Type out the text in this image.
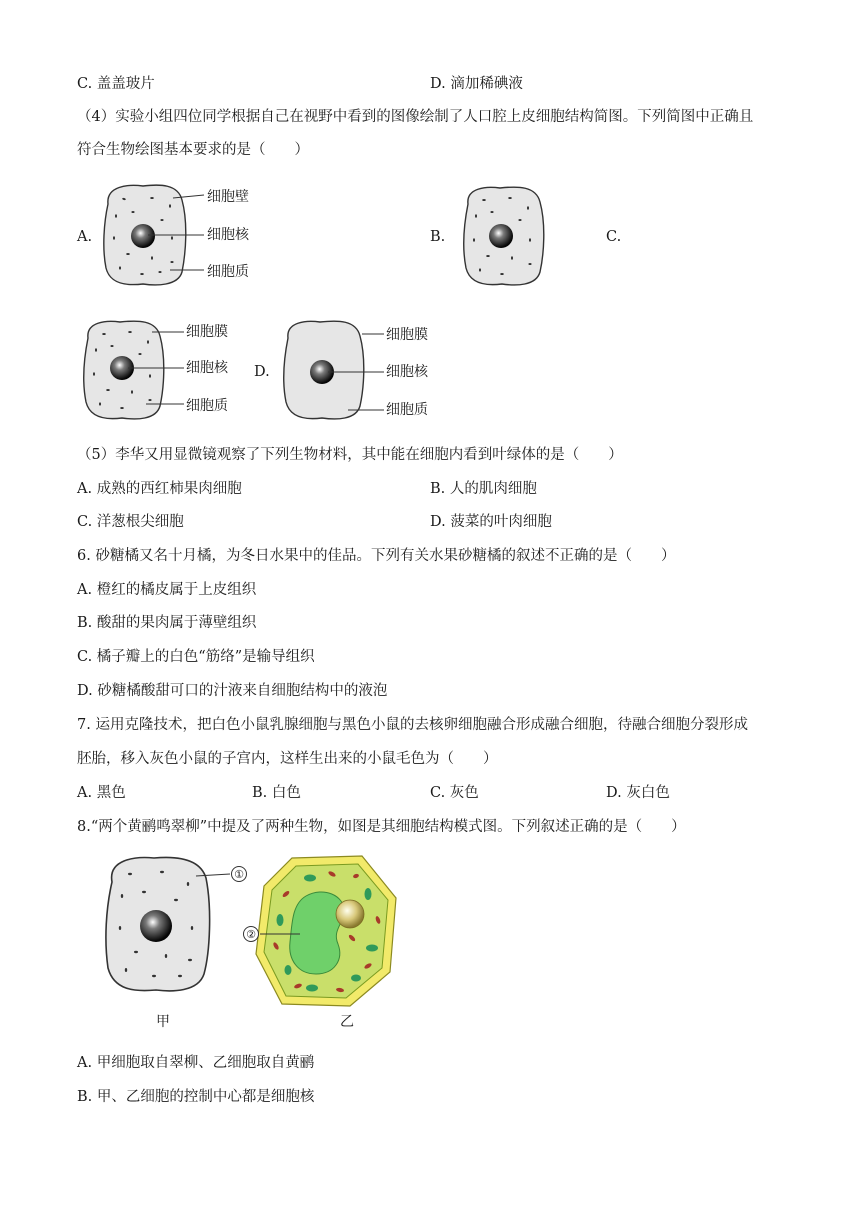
C. 盖盖玻片	D. 滴加稀碘液
（4）实验小组四位同学根据自己在视野中看到的图像绘制了人口腔上皮细胞结构简图。下列简图中正确且
符合生物绘图基本要求的是（　　）
A.
细胞壁
细胞核
细胞质
B.	C.
细胞膜
细胞核
细胞质
D.
细胞膜
细胞核
细胞质
（5）李华又用显微镜观察了下列生物材料，其中能在细胞内看到叶绿体的是（　　）
A. 成熟的西红柿果肉细胞	B. 人的肌肉细胞
C. 洋葱根尖细胞	D. 菠菜的叶肉细胞
6. 砂糖橘又名十月橘，为冬日水果中的佳品。下列有关水果砂糖橘的叙述不正确的是（　　）
A. 橙红的橘皮属于上皮组织
B. 酸甜的果肉属于薄壁组织
C. 橘子瓣上的白色“筋络”是输导组织
D. 砂糖橘酸甜可口的汁液来自细胞结构中的液泡
7. 运用克隆技术，把白色小鼠乳腺细胞与黑色小鼠的去核卵细胞融合形成融合细胞，待融合细胞分裂形成
胚胎，移入灰色小鼠的子宫内，这样生出来的小鼠毛色为（　　）
A. 黑色	B. 白色	C. 灰色	D. 灰白色
8.“两个黄鹂鸣翠柳”中提及了两种生物，如图是其细胞结构模式图。下列叙述正确的是（　　）
①
甲
②
乙
A. 甲细胞取自翠柳、乙细胞取自黄鹂
B. 甲、乙细胞的控制中心都是细胞核
